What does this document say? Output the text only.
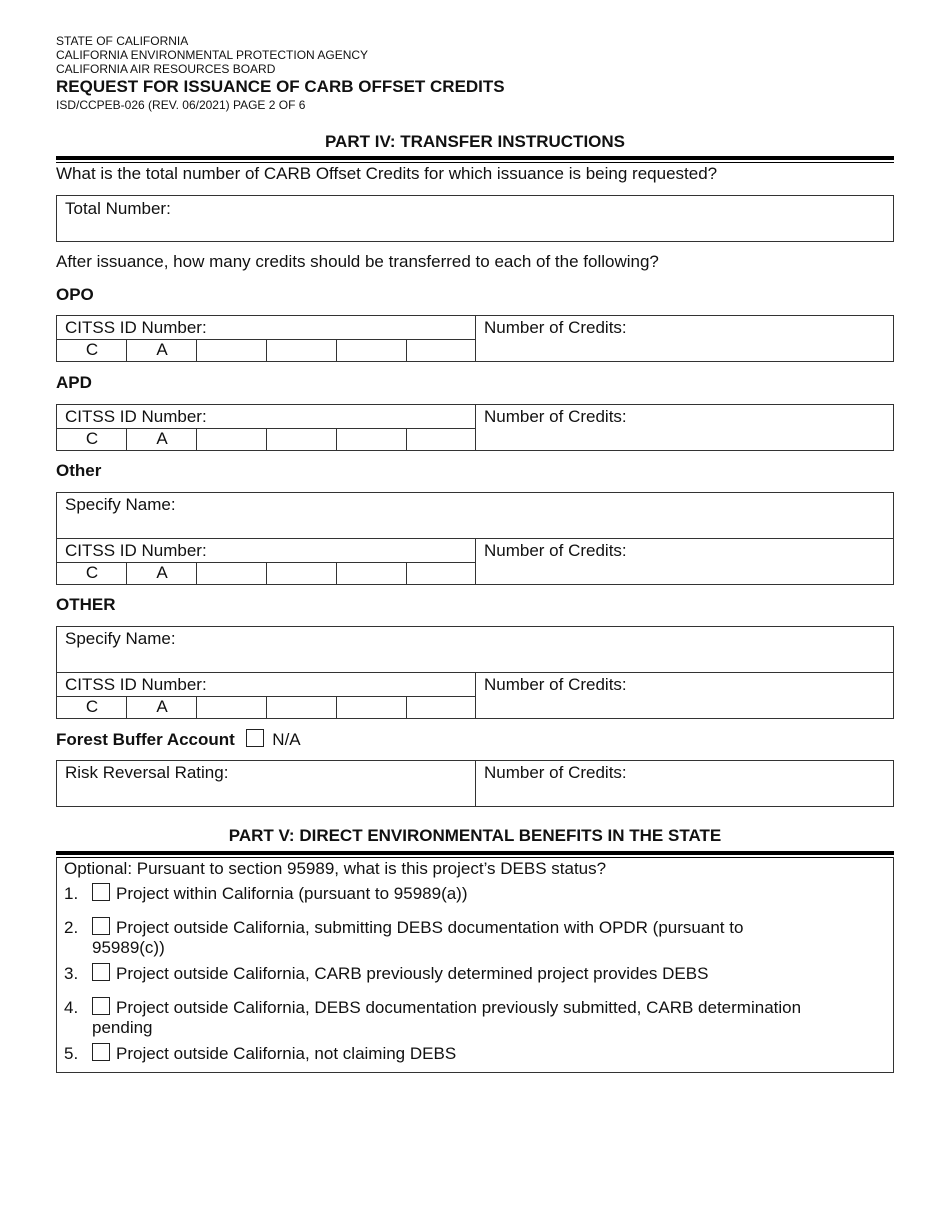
STATE OF CALIFORNIA
CALIFORNIA ENVIRONMENTAL PROTECTION AGENCY
CALIFORNIA AIR RESOURCES BOARD
REQUEST FOR ISSUANCE OF CARB OFFSET CREDITS
ISD/CCPEB-026 (REV. 06/2021) PAGE 2 OF 6
PART IV: TRANSFER INSTRUCTIONS
What is the total number of CARB Offset Credits for which issuance is being requested?
Total Number:
After issuance, how many credits should be transferred to each of the following?
OPO
CITSS ID Number:	Number of Credits:
C	A
APD
CITSS ID Number:	Number of Credits:
C	A
Other
Specify Name:
CITSS ID Number:	Number of Credits:
C	A
OTHER
Specify Name:
CITSS ID Number:	Number of Credits:
C	A
Forest Buffer Account N/A
Risk Reversal Rating:	Number of Credits:
PART V: DIRECT ENVIRONMENTAL BENEFITS IN THE STATE
Optional: Pursuant to section 95989, what is this project’s DEBS status?
1. Project within California (pursuant to 95989(a))
2. Project outside California, submitting DEBS documentation with OPDR (pursuant to
95989(c))
3. Project outside California, CARB previously determined project provides DEBS
4. Project outside California, DEBS documentation previously submitted, CARB determination
pending
5. Project outside California, not claiming DEBS
